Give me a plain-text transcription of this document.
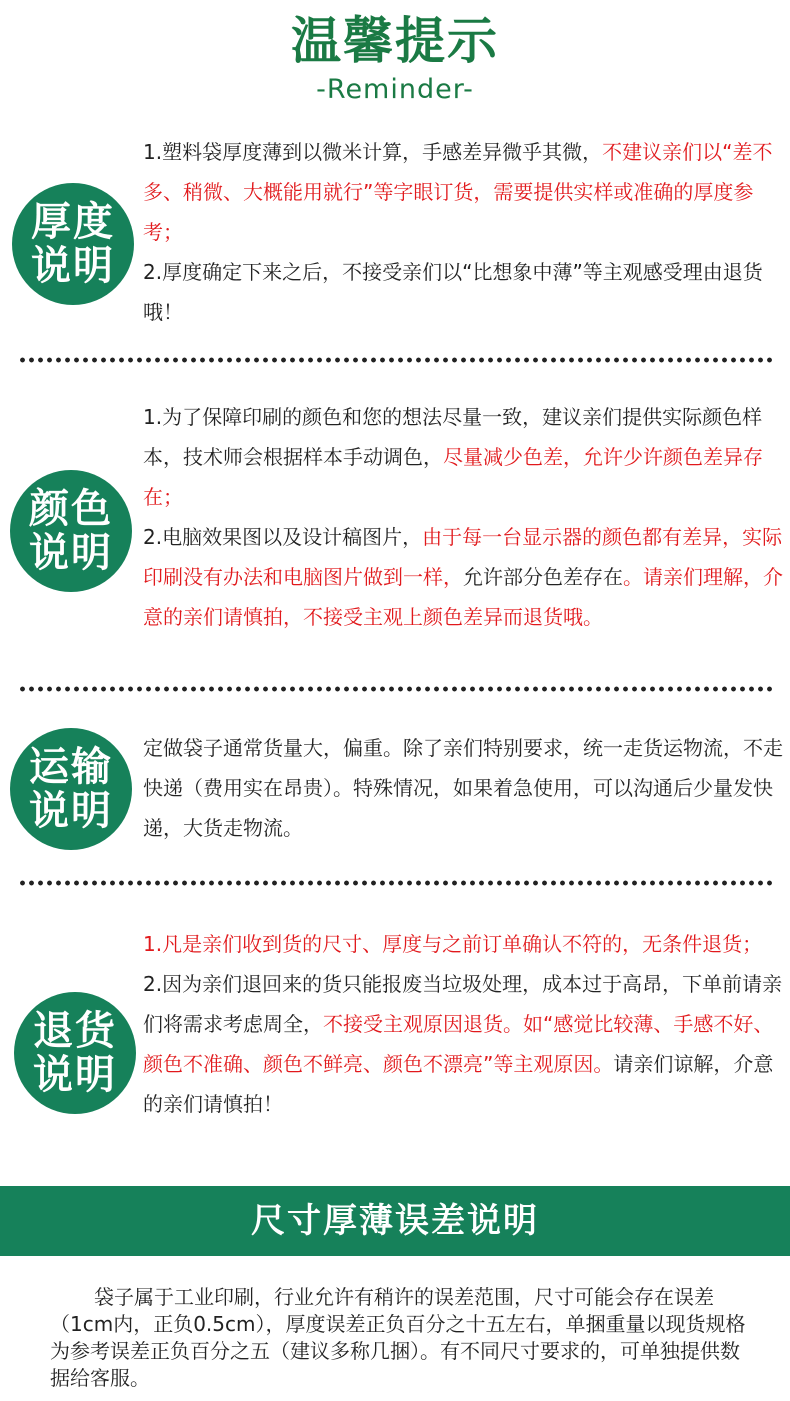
温馨提示
-Reminder-
厚度
说明
1.塑料袋厚度薄到以微米计算，手感差异微乎其微，不建议亲们以“差不多、稍微、大概能用就行”等字眼订货，需要提供实样或准确的厚度参考；
2.厚度确定下来之后，不接受亲们以“比想象中薄”等主观感受理由退货哦！
颜色
说明
1.为了保障印刷的颜色和您的想法尽量一致，建议亲们提供实际颜色样本，技术师会根据样本手动调色，尽量减少色差，允许少许颜色差异存在；
2.电脑效果图以及设计稿图片，由于每一台显示器的颜色都有差异，实际印刷没有办法和电脑图片做到一样，允许部分色差存在。请亲们理解，介意的亲们请慎拍，不接受主观上颜色差异而退货哦。
运输
说明
定做袋子通常货量大，偏重。除了亲们特别要求，统一走货运物流，不走快递（费用实在昂贵）。特殊情况，如果着急使用，可以沟通后少量发快递，大货走物流。
退货
说明
1.凡是亲们收到货的尺寸、厚度与之前订单确认不符的，无条件退货；
2.因为亲们退回来的货只能报废当垃圾处理，成本过于高昂，下单前请亲们将需求考虑周全，不接受主观原因退货。如“感觉比较薄、手感不好、颜色不准确、颜色不鲜亮、颜色不漂亮”等主观原因。请亲们谅解，介意的亲们请慎拍！
尺寸厚薄误差说明
袋子属于工业印刷，行业允许有稍许的误差范围，尺寸可能会存在误差（1cm内，正负0.5cm），厚度误差正负百分之十五左右，单捆重量以现货规格为参考误差正负百分之五（建议多称几捆）。有不同尺寸要求的，可单独提供数据给客服。
